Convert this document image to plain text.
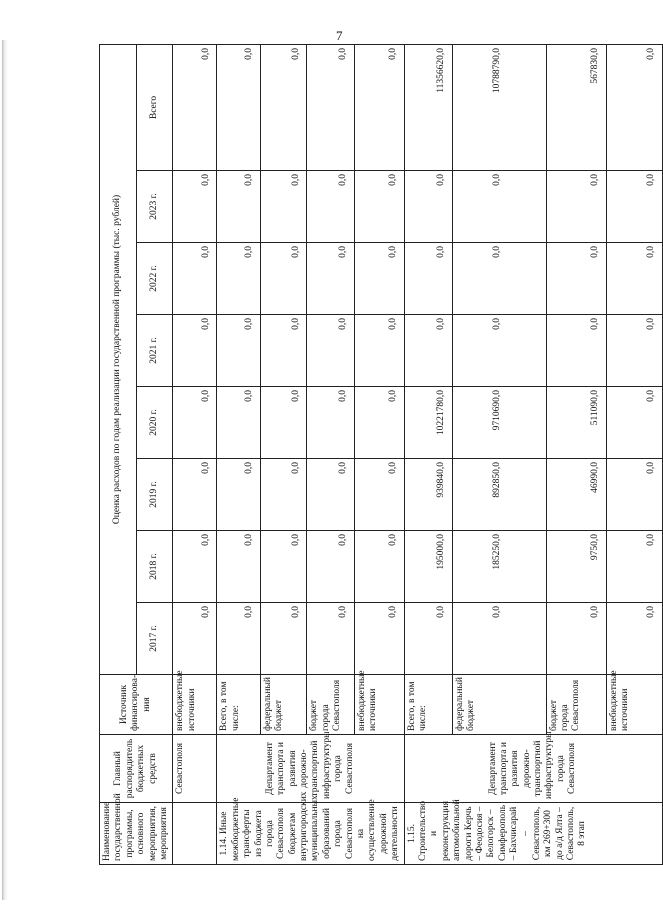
7
Наименование государственной программы, основного мероприятия, мероприятия	Главный распорядитель бюджетных средств	Источник финансирова-ния	Оценка расходов по годам реализации государственной программы (тыс. рублей)							
			2017 г.	2018 г.	2019 г.	2020 г.	2021 г.	2022 г.	2023 г.	Всего
	Севастополя	внебюджетные источники	0,0	0,0	0,0	0,0	0,0	0,0	0,0	0,0
1.14. Иные межбюджетные трансферты из бюджета города Севастополя бюджетам внутригородских муниципальных образований города Севастополя на осуществление дорожной деятельности	Департамент транспорта и развития дорожно-транспортной инфраструктуры города Севастополя	Всего, в том числе:	0,0	0,0	0,0	0,0	0,0	0,0	0,0	0,0
		федеральный бюджет	0,0	0,0	0,0	0,0	0,0	0,0	0,0	0,0
		бюджет города Севастополя	0,0	0,0	0,0	0,0	0,0	0,0	0,0	0,0
		внебюджетные источники	0,0	0,0	0,0	0,0	0,0	0,0	0,0	0,0
1.15. Строительство и реконструкция автомобильной дороги Керчь – Феодосия – Белогорск – Симферополь – Бахчисарай – Севастополь, км 269+300 до а/д Ялта – Севастополь, 8 этап	Департамент транспорта и развития дорожно-транспортной инфраструктуры города Севастополя	Всего, в том числе:	0,0	195000,0	939840,0	10221780,0	0,0	0,0	0,0	11356620,0
		федеральный бюджет	0,0	185250,0	892850,0	9710690,0	0,0	0,0	0,0	10788790,0
		бюджет города Севастополя	0,0	9750,0	46990,0	511090,0	0,0	0,0	0,0	567830,0
		внебюджетные источники	0,0	0,0	0,0	0,0	0,0	0,0	0,0	0,0
